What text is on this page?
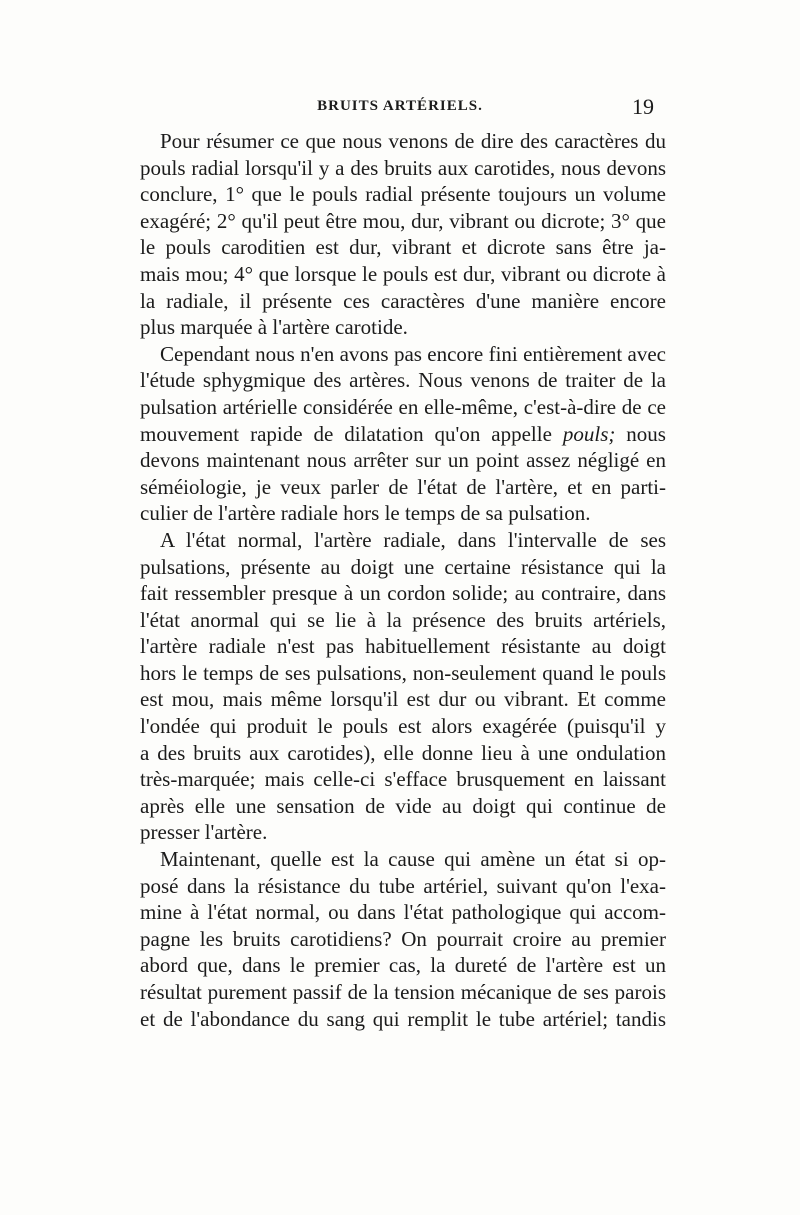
BRUITS ARTÉRIELS.	19

Pour résumer ce que nous venons de dire des caractères du
pouls radial lorsqu'il y a des bruits aux carotides, nous devons
conclure, 1° que le pouls radial présente toujours un volume
exagéré; 2° qu'il peut être mou, dur, vibrant ou dicrote; 3° que
le pouls caroditien est dur, vibrant et dicrote sans être ja-
mais mou; 4° que lorsque le pouls est dur, vibrant ou dicrote à
la radiale, il présente ces caractères d'une manière encore
plus marquée à l'artère carotide.

Cependant nous n'en avons pas encore fini entièrement avec
l'étude sphygmique des artères. Nous venons de traiter de la
pulsation artérielle considérée en elle-même, c'est-à-dire de ce
mouvement rapide de dilatation qu'on appelle pouls; nous
devons maintenant nous arrêter sur un point assez négligé en
séméiologie, je veux parler de l'état de l'artère, et en parti-
culier de l'artère radiale hors le temps de sa pulsation.

A l'état normal, l'artère radiale, dans l'intervalle de ses
pulsations, présente au doigt une certaine résistance qui la
fait ressembler presque à un cordon solide; au contraire, dans
l'état anormal qui se lie à la présence des bruits artériels,
l'artère radiale n'est pas habituellement résistante au doigt
hors le temps de ses pulsations, non-seulement quand le pouls
est mou, mais même lorsqu'il est dur ou vibrant. Et comme
l'ondée qui produit le pouls est alors exagérée (puisqu'il y
a des bruits aux carotides), elle donne lieu à une ondulation
très-marquée; mais celle-ci s'efface brusquement en laissant
après elle une sensation de vide au doigt qui continue de
presser l'artère.

Maintenant, quelle est la cause qui amène un état si op-
posé dans la résistance du tube artériel, suivant qu'on l'exa-
mine à l'état normal, ou dans l'état pathologique qui accom-
pagne les bruits carotidiens? On pourrait croire au premier
abord que, dans le premier cas, la dureté de l'artère est un
résultat purement passif de la tension mécanique de ses parois
et de l'abondance du sang qui remplit le tube artériel; tandis
